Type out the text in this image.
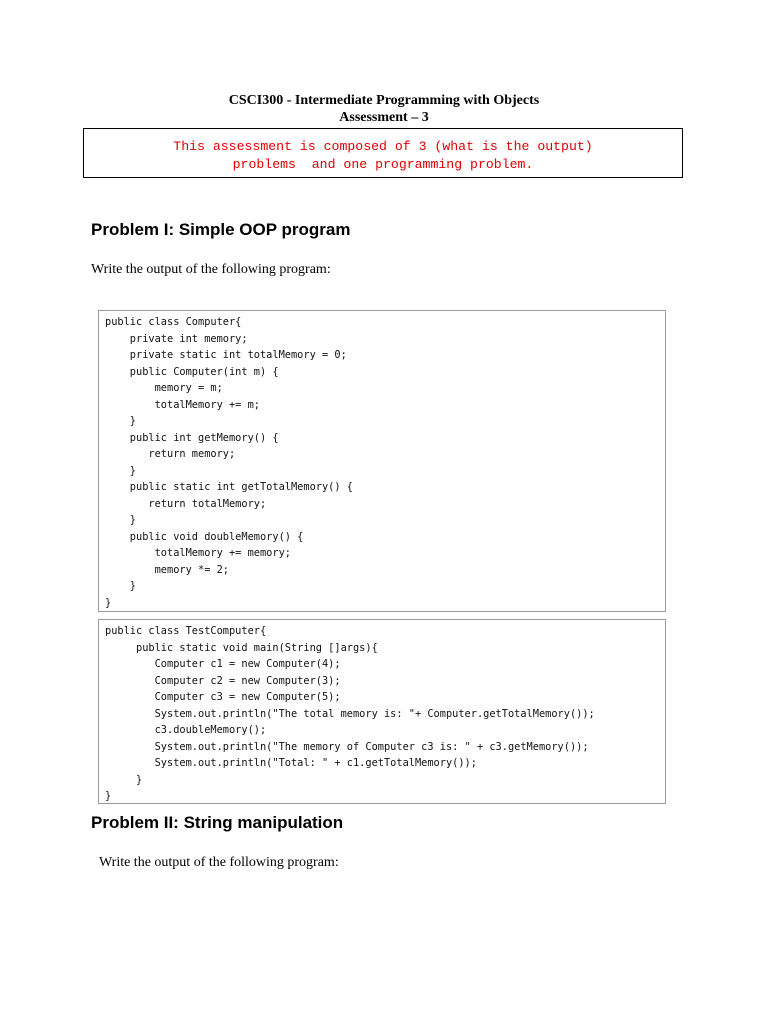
CSCI300 - Intermediate Programming with Objects
Assessment – 3
This assessment is composed of 3 (what is the output)
problems  and one programming problem.
Problem I: Simple OOP program
Write the output of the following program:
public class Computer{
private int memory;
private static int totalMemory = 0;
public Computer(int m) {
memory = m;
totalMemory += m;
}
public int getMemory() {
return memory;
}
public static int getTotalMemory() {
return totalMemory;
}
public void doubleMemory() {
totalMemory += memory;
memory *= 2;
}
}
public class TestComputer{
public static void main(String []args){
Computer c1 = new Computer(4);
Computer c2 = new Computer(3);
Computer c3 = new Computer(5);
System.out.println("The total memory is: "+ Computer.getTotalMemory());
c3.doubleMemory();
System.out.println("The memory of Computer c3 is: " + c3.getMemory());
System.out.println("Total: " + c1.getTotalMemory());
}
}
Problem II: String manipulation
Write the output of the following program:
